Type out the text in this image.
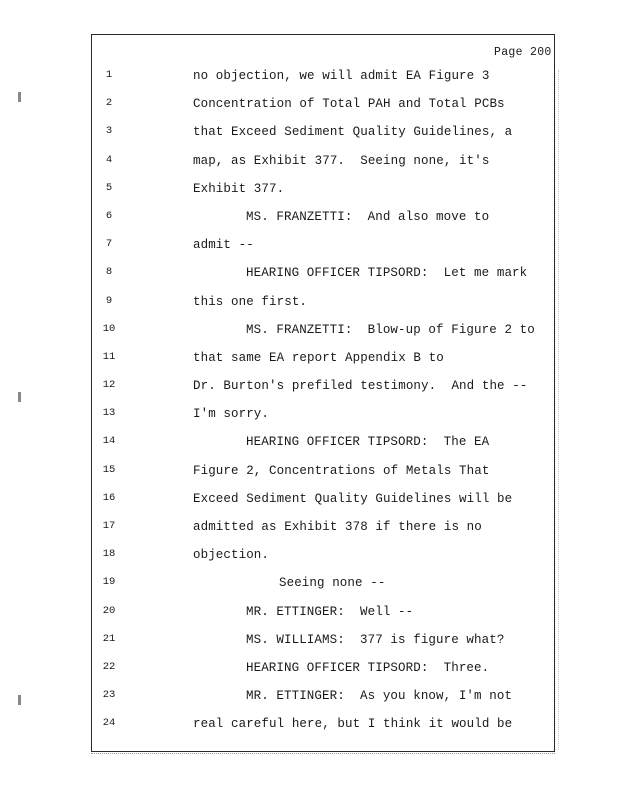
Page 200
1
2
3
4
5
6
7
8
9
10
11
12
13
14
15
16
17
18
19
20
21
22
23
24
no objection, we will admit EA Figure 3
Concentration of Total PAH and Total PCBs
that Exceed Sediment Quality Guidelines, a
map, as Exhibit 377.  Seeing none, it's
Exhibit 377.
MS. FRANZETTI:  And also move to
admit --
HEARING OFFICER TIPSORD:  Let me mark
this one first.
MS. FRANZETTI:  Blow-up of Figure 2 to
that same EA report Appendix B to
Dr. Burton's prefiled testimony.  And the --
I'm sorry.
HEARING OFFICER TIPSORD:  The EA
Figure 2, Concentrations of Metals That
Exceed Sediment Quality Guidelines will be
admitted as Exhibit 378 if there is no
objection.
Seeing none --
MR. ETTINGER:  Well --
MS. WILLIAMS:  377 is figure what?
HEARING OFFICER TIPSORD:  Three.
MR. ETTINGER:  As you know, I'm not
real careful here, but I think it would be
